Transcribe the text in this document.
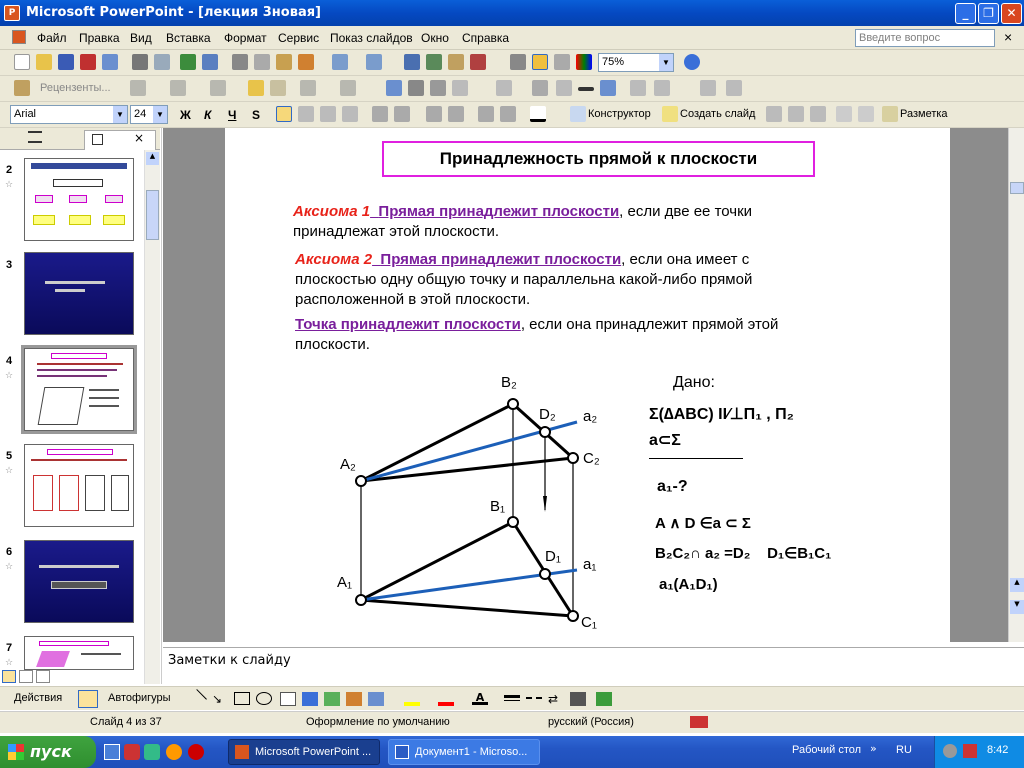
P Microsoft PowerPoint - [лекция 3новая]	_	❐	✕
Файл Правка Вид Вставка Формат Сервис Показ слайдов Окно Справка	Введите вопрос	×
75%	▼
Рецензенты...
Arial	▼ 24	▼ Ж К Ч S	Конструктор	Создать слайд	Разметка
×
2
☆
3
4
☆
5
☆
6
☆
7
☆
▲	Принадлежность прямой к плоскости
Аксиома 1 Прямая принадлежит плоскости, если две ее точки
принадлежат этой плоскости.
Аксиома 2 Прямая принадлежит плоскости, если она имеет с
плоскостью одну общую точку и параллельна какой-либо прямой
расположенной в этой плоскости.
Точка принадлежит плоскости, если она принадлежит прямой этой
плоскости.
B₂
D₂ a₂
A₂	C₂
B₁
D₁ a₁
A₁
C₁
Дано:
Σ(∆ABC) II⁄⊥Π₁ , Π₂
a⊂Σ
a₁-?
A ∧ D ∈a ⊂ Σ
B₂C₂∩ a₂ =D₂    D₁∈B₁C₁
a₁(A₁D₁)	▲
▼
Заметки к слайду
Действия	Автофигуры	↘	A	⇄
Слайд 4 из 37	Оформление по умолчанию	русский (Россия)
пуск	Microsoft PowerPoint ...	Документ1 - Microso...	Рабочий стол » RU	8:42
